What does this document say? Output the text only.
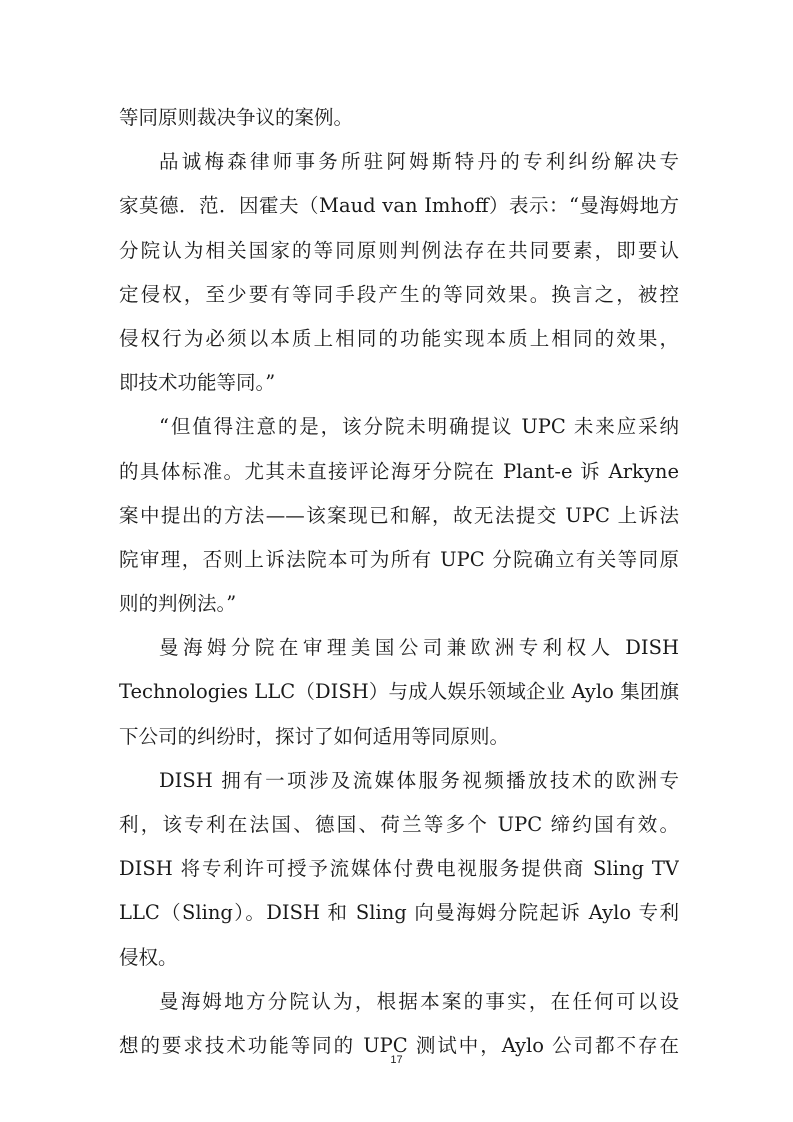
等同原则裁决争议的案例。
品诚梅森律师事务所驻阿姆斯特丹的专利纠纷解决专
家莫德．范．因霍夫（Maud van Imhoff）表示：“曼海姆地方
分院认为相关国家的等同原则判例法存在共同要素，即要认
定侵权，至少要有等同手段产生的等同效果。换言之，被控
侵权行为必须以本质上相同的功能实现本质上相同的效果，
即技术功能等同。”
“但值得注意的是，该分院未明确提议 UPC 未来应采纳
的具体标准。尤其未直接评论海牙分院在 Plant-e 诉 Arkyne
案中提出的方法——该案现已和解，故无法提交 UPC 上诉法
院审理，否则上诉法院本可为所有 UPC 分院确立有关等同原
则的判例法。”
曼海姆分院在审理美国公司兼欧洲专利权人 DISH
Technologies LLC（DISH）与成人娱乐领域企业 Aylo 集团旗
下公司的纠纷时，探讨了如何适用等同原则。
DISH 拥有一项涉及流媒体服务视频播放技术的欧洲专
利，该专利在法国、德国、荷兰等多个 UPC 缔约国有效。
DISH 将专利许可授予流媒体付费电视服务提供商 Sling TV
LLC（Sling）。DISH 和 Sling 向曼海姆分院起诉 Aylo 专利
侵权。
曼海姆地方分院认为，根据本案的事实，在任何可以设
想的要求技术功能等同的 UPC 测试中，Aylo 公司都不存在
17
